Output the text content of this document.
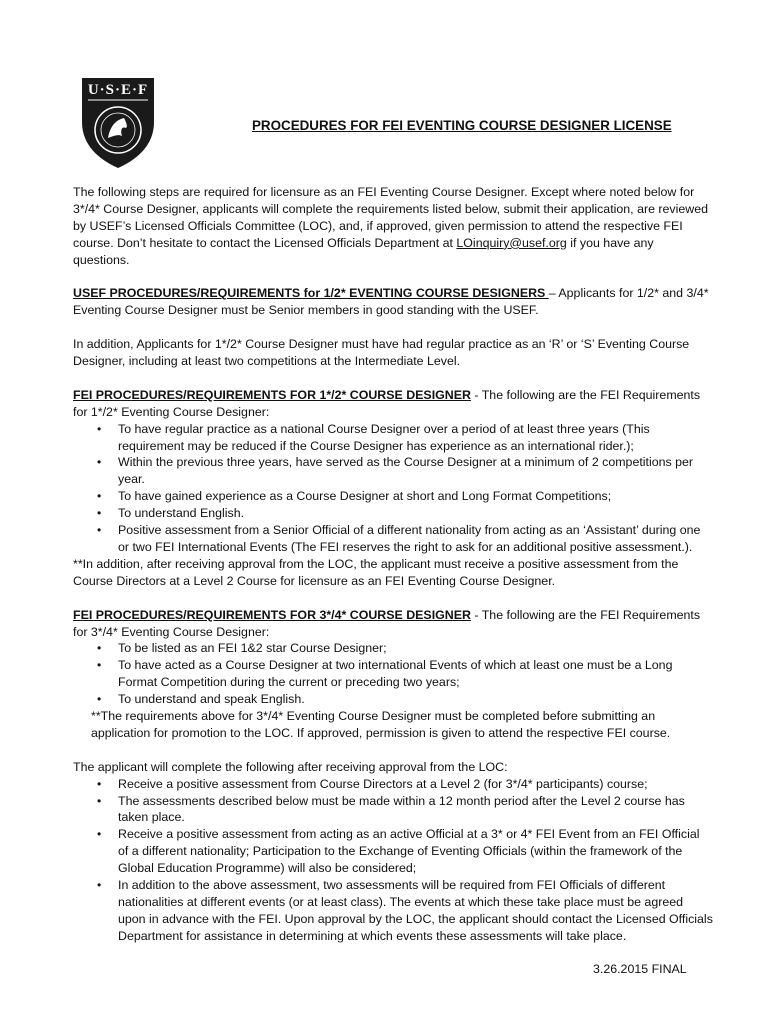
U·S·E·F
PROCEDURES FOR FEI EVENTING COURSE DESIGNER LICENSE

The following steps are required for licensure as an FEI Eventing Course Designer. Except where noted below for 3*/4* Course Designer, applicants will complete the requirements listed below, submit their application, are reviewed by USEF’s Licensed Officials Committee (LOC), and, if approved, given permission to attend the respective FEI course. Don’t hesitate to contact the Licensed Officials Department at LOinquiry@usef.org if you have any questions.

USEF PROCEDURES/REQUIREMENTS for 1/2* EVENTING COURSE DESIGNERS – Applicants for 1/2* and 3/4* Eventing Course Designer must be Senior members in good standing with the USEF.

In addition, Applicants for 1*/2* Course Designer must have had regular practice as an ‘R’ or ‘S’ Eventing Course Designer, including at least two competitions at the Intermediate Level.

FEI PROCEDURES/REQUIREMENTS FOR 1*/2* COURSE DESIGNER - The following are the FEI Requirements for 1*/2* Eventing Course Designer:

• To have regular practice as a national Course Designer over a period of at least three years (This requirement may be reduced if the Course Designer has experience as an international rider.);
• Within the previous three years, have served as the Course Designer at a minimum of 2 competitions per year.
• To have gained experience as a Course Designer at short and Long Format Competitions;
• To understand English.
• Positive assessment from a Senior Official of a different nationality from acting as an ‘Assistant’ during one or two FEI International Events (The FEI reserves the right to ask for an additional positive assessment.).

**In addition, after receiving approval from the LOC, the applicant must receive a positive assessment from the Course Directors at a Level 2 Course for licensure as an FEI Eventing Course Designer.

FEI PROCEDURES/REQUIREMENTS FOR 3*/4* COURSE DESIGNER - The following are the FEI Requirements for 3*/4* Eventing Course Designer:

• To be listed as an FEI 1&2 star Course Designer;
• To have acted as a Course Designer at two international Events of which at least one must be a Long Format Competition during the current or preceding two years;
• To understand and speak English.

**The requirements above for 3*/4* Eventing Course Designer must be completed before submitting an application for promotion to the LOC. If approved, permission is given to attend the respective FEI course.

The applicant will complete the following after receiving approval from the LOC:

• Receive a positive assessment from Course Directors at a Level 2 (for 3*/4* participants) course;
• The assessments described below must be made within a 12 month period after the Level 2 course has taken place.
• Receive a positive assessment from acting as an active Official at a 3* or 4* FEI Event from an FEI Official of a different nationality; Participation to the Exchange of Eventing Officials (within the framework of the Global Education Programme) will also be considered;
• In addition to the above assessment, two assessments will be required from FEI Officials of different nationalities at different events (or at least class). The events at which these take place must be agreed upon in advance with the FEI. Upon approval by the LOC, the applicant should contact the Licensed Officials Department for assistance in determining at which events these assessments will take place.
3.26.2015 FINAL
